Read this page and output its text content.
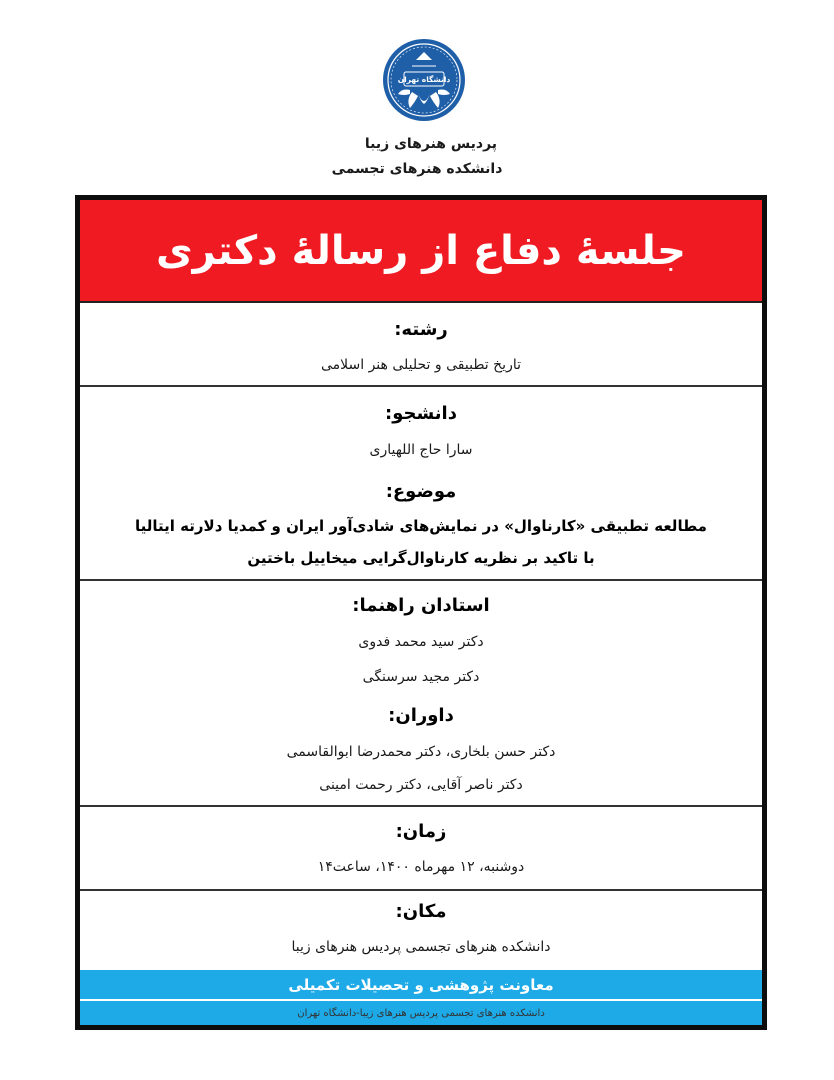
دانشگاه تهران
پردیس هنرهای زیبا
دانشکده هنرهای تجسمی
جلسهٔ دفاع از رسالهٔ دکتری
رشته:
تاریخ تطبیقی و تحلیلی هنر اسلامی
دانشجو:
سارا حاج اللهیاری
موضوع:
مطالعه تطبیقی «کارناوال» در نمایش‌های شادی‌آور ایران و کمدیا دلارته ایتالیا
با تاکید بر نظریه کارناوال‌گرایی میخاییل باختین
استادان راهنما:
دکتر سید محمد فدوی
دکتر مجید سرسنگی
داوران:
دکتر حسن بلخاری، دکتر محمدرضا ابوالقاسمی
دکتر ناصر آقایی، دکتر رحمت امینی
زمان:
دوشنبه، ۱۲ مهرماه ۱۴۰۰، ساعت۱۴
مکان:
دانشکده هنرهای تجسمی پردیس هنرهای زیبا
معاونت پژوهشی و تحصیلات تکمیلی
دانشکده هنرهای تجسمی پردیس هنرهای زیبا-دانشگاه تهران
